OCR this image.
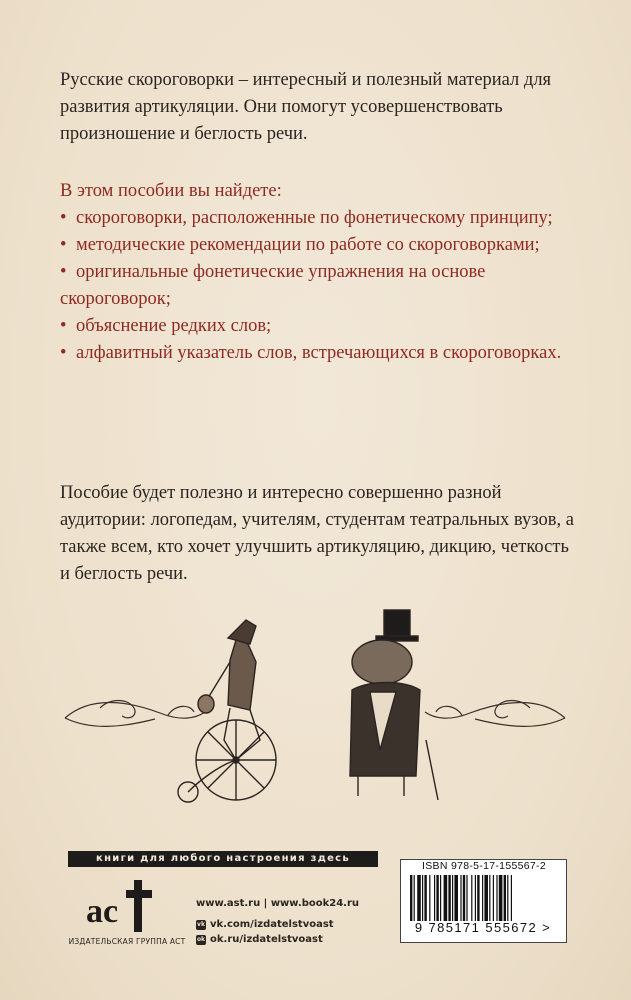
Русские скороговорки – интересный и полезный материал для развития артикуляции. Они помогут усовершенствовать произношение и беглость речи.

В этом пособии вы найдете:

• скороговорки, расположенные по фонетическому принципу;
• методические рекомендации по работе со скороговорками;
• оригинальные фонетические упражнения на основе скороговорок;
• объяснение редких слов;
• алфавитный указатель слов, встречающихся в скороговорках.

Пособие будет полезно и интересно совершенно разной аудитории: логопедам, учителям, студентам театральных вузов, а также всем, кто хочет улучшить артикуляцию, дикцию, четкость и беглость речи.

книги для любого настроения здесь
ac
ИЗДАТЕЛЬСКАЯ ГРУППА АСТ
www.ast.ru | www.book24.ru
vk vk.com/izdatelstvoast
ok ok.ru/izdatelstvoast
ISBN 978-5-17-155567-2
9 785171 555672 >
